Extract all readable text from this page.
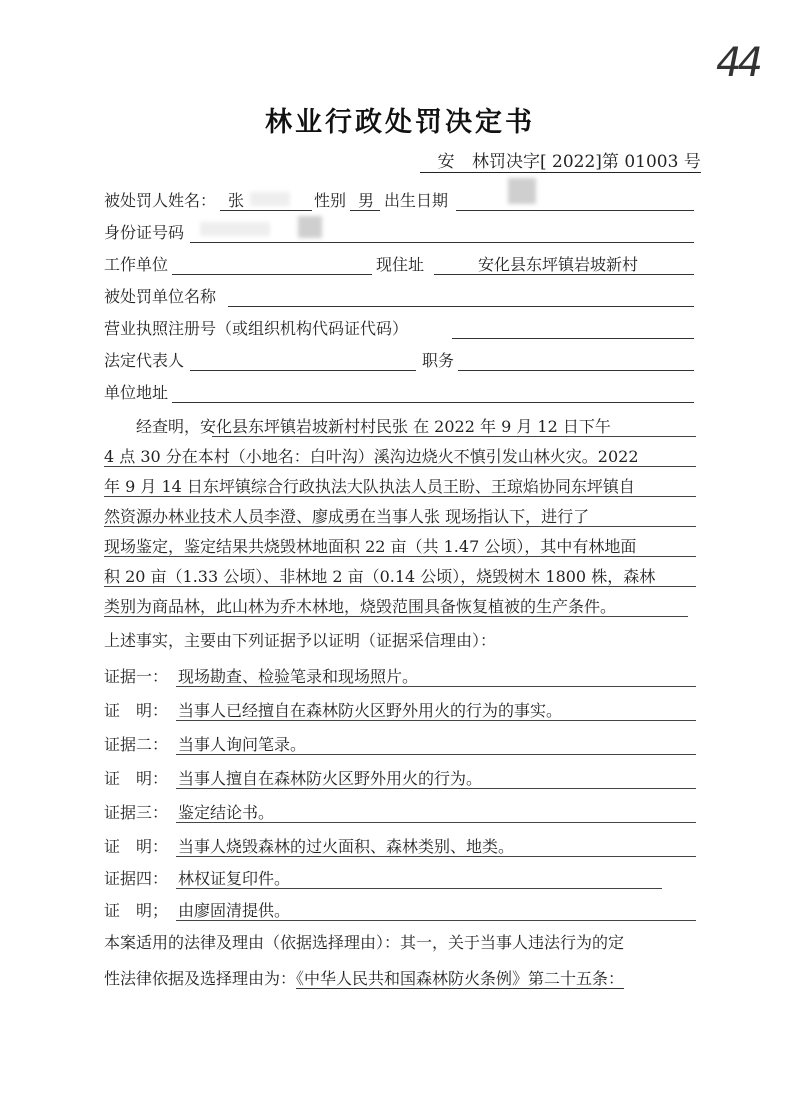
44
林业行政处罚决定书
安 林罚决字[ 2022]第 01003 号
被处罚人姓名： 张	性别 男 出生日期
身份证号码
工作单位	现住址	安化县东坪镇岩坡新村
被处罚单位名称
营业执照注册号（或组织机构代码证代码）
法定代表人	职务
单位地址
经查明，安化县东坪镇岩坡新村村民张 在 2022 年 9 月 12 日下午
4 点 30 分在本村（小地名：白叶沟）溪沟边烧火不慎引发山林火灾。2022
年 9 月 14 日东坪镇综合行政执法大队执法人员王盼、王琼焰协同东坪镇自
然资源办林业技术人员李澄、廖成勇在当事人张 现场指认下，进行了
现场鉴定，鉴定结果共烧毁林地面积 22 亩（共 1.47 公顷），其中有林地面
积 20 亩（1.33 公顷）、非林地 2 亩（0.14 公顷），烧毁树木 1800 株，森林
类别为商品林，此山林为乔木林地，烧毁范围具备恢复植被的生产条件。
上述事实，主要由下列证据予以证明（证据采信理由）：
证据一： 现场勘查、检验笔录和现场照片。
证　明： 当事人已经擅自在森林防火区野外用火的行为的事实。
证据二： 当事人询问笔录。
证　明： 当事人擅自在森林防火区野外用火的行为。
证据三： 鉴定结论书。
证　明： 当事人烧毁森林的过火面积、森林类别、地类。
证据四： 林权证复印件。
证　明； 由廖固清提供。
本案适用的法律及理由（依据选择理由）：其一，关于当事人违法行为的定
性法律依据及选择理由为：《中华人民共和国森林防火条例》第二十五条：
